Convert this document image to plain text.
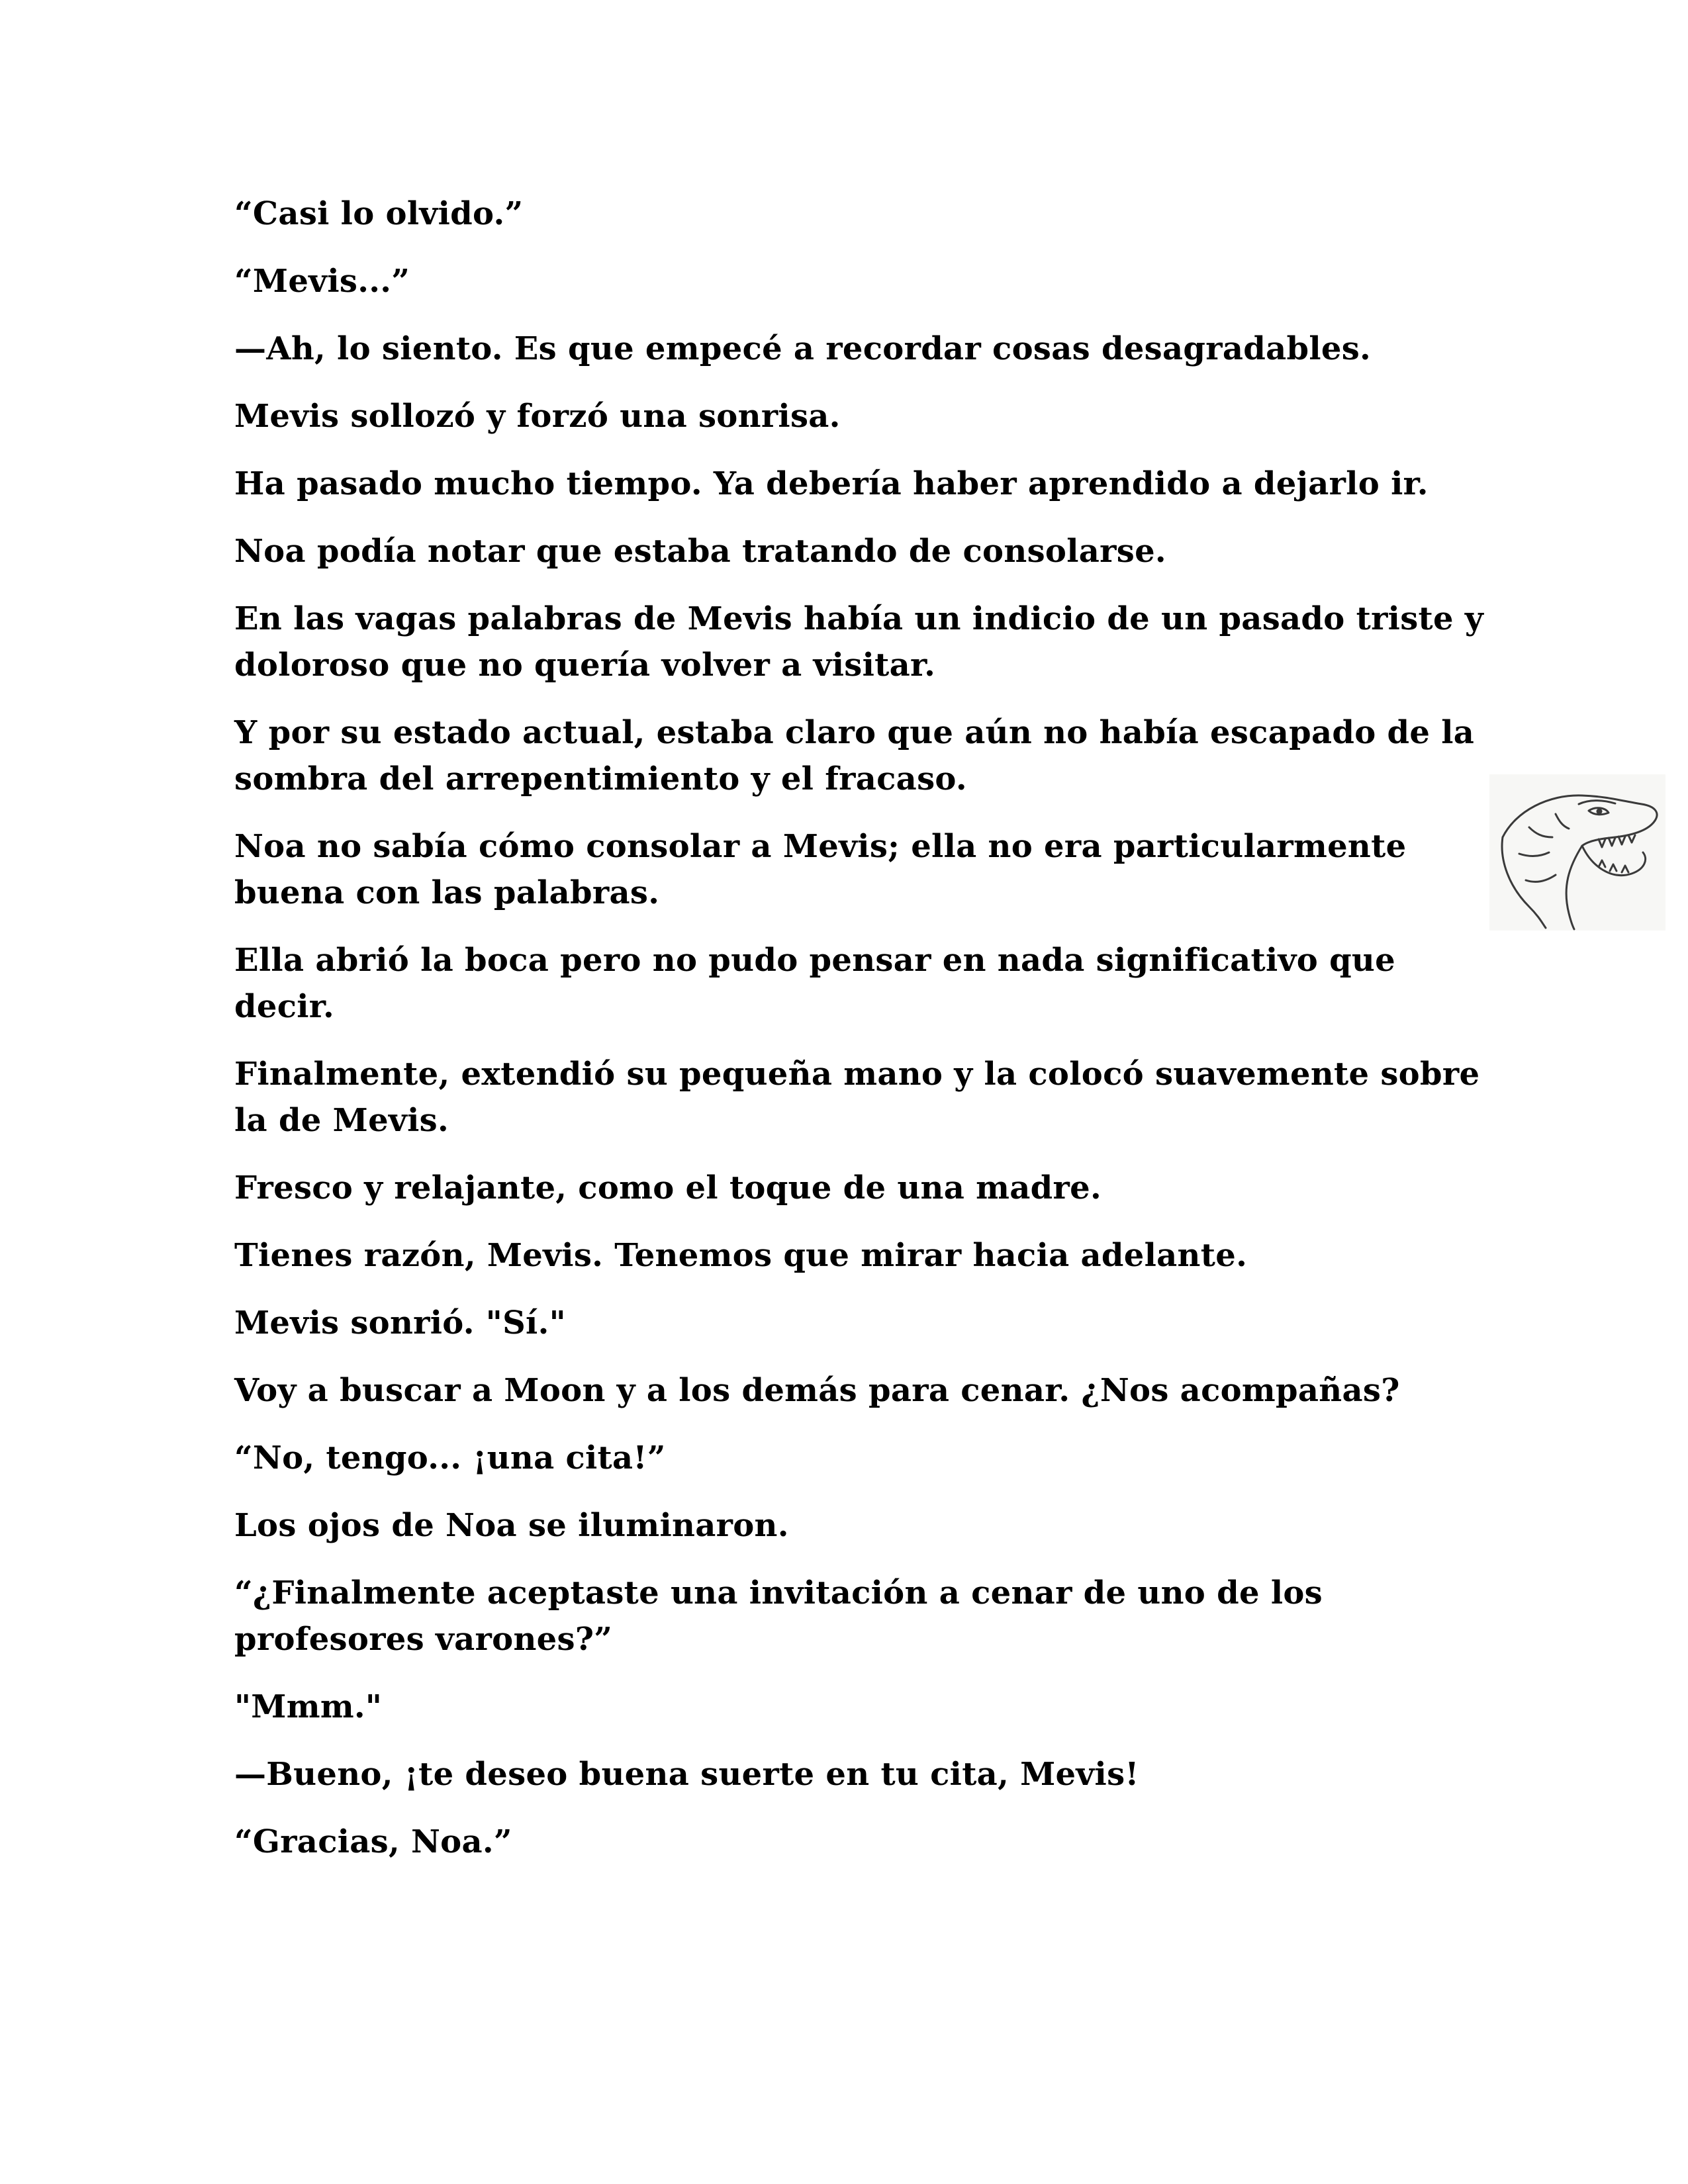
“Casi lo olvido.”

“Mevis...”

—Ah, lo siento. Es que empecé a recordar cosas desagradables.

Mevis sollozó y forzó una sonrisa.

Ha pasado mucho tiempo. Ya debería haber aprendido a dejarlo ir.

Noa podía notar que estaba tratando de consolarse.

En las vagas palabras de Mevis había un indicio de un pasado triste y doloroso que no quería volver a visitar.

Y por su estado actual, estaba claro que aún no había escapado de la sombra del arrepentimiento y el fracaso.

Noa no sabía cómo consolar a Mevis; ella no era particularmente buena con las palabras.

Ella abrió la boca pero no pudo pensar en nada significativo que decir.

Finalmente, extendió su pequeña mano y la colocó suavemente sobre la de Mevis.

Fresco y relajante, como el toque de una madre.

Tienes razón, Mevis. Tenemos que mirar hacia adelante.

Mevis sonrió. "Sí."

Voy a buscar a Moon y a los demás para cenar. ¿Nos acompañas?

“No, tengo... ¡una cita!”

Los ojos de Noa se iluminaron.

“¿Finalmente aceptaste una invitación a cenar de uno de los profesores varones?”

"Mmm."

—Bueno, ¡te deseo buena suerte en tu cita, Mevis!

“Gracias, Noa.”
